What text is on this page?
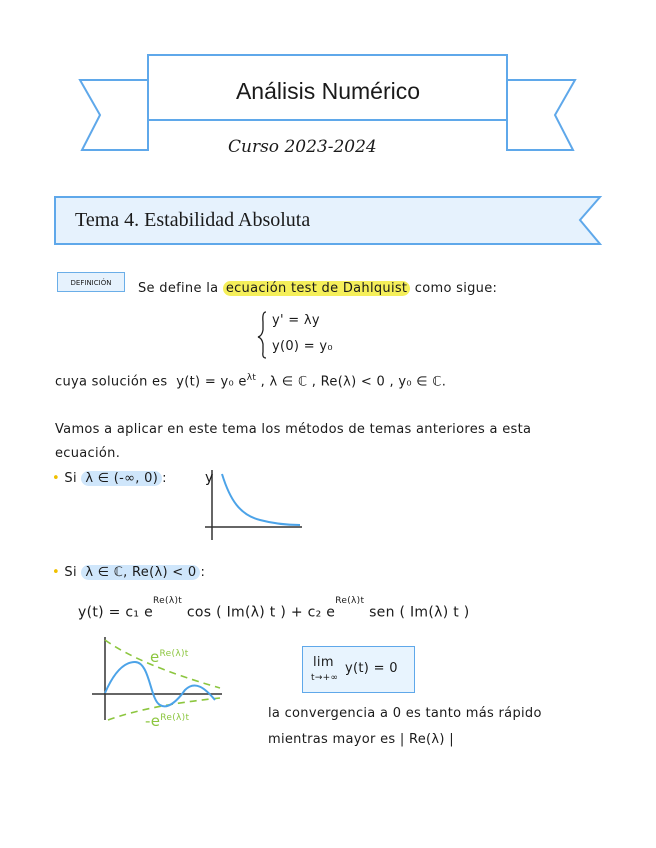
Análisis Numérico
Curso 2023-2024
Tema 4. Estabilidad Absoluta
DEFINICIÓN	Se define la ecuación test de Dahlquist como sigue:
y' = λy
y(0) = y₀
cuya solución es y(t) = y₀ $e^{\lambda t}$ , λ ∈ ℂ , Re(λ) < 0 , y₀ ∈ ℂ.
Vamos a aplicar en este tema los métodos de temas anteriores a esta
ecuación.
• Si λ ∈ (-∞, 0) :	y
• Si λ ∈ ℂ, Re(λ) < 0 :
y(t) = c₁ $e^{Re(\lambda)t}$ cos ( Im(λ) t ) + c₂ $e^{Re(\lambda)t}$ sen ( Im(λ) t )
$e^{Re(\lambda)t}$
$-e^{Re(\lambda)t}$
lim
t→+∞
y(t) = 0
la convergencia a 0 es tanto más rápido
mientras mayor es | Re(λ) |
